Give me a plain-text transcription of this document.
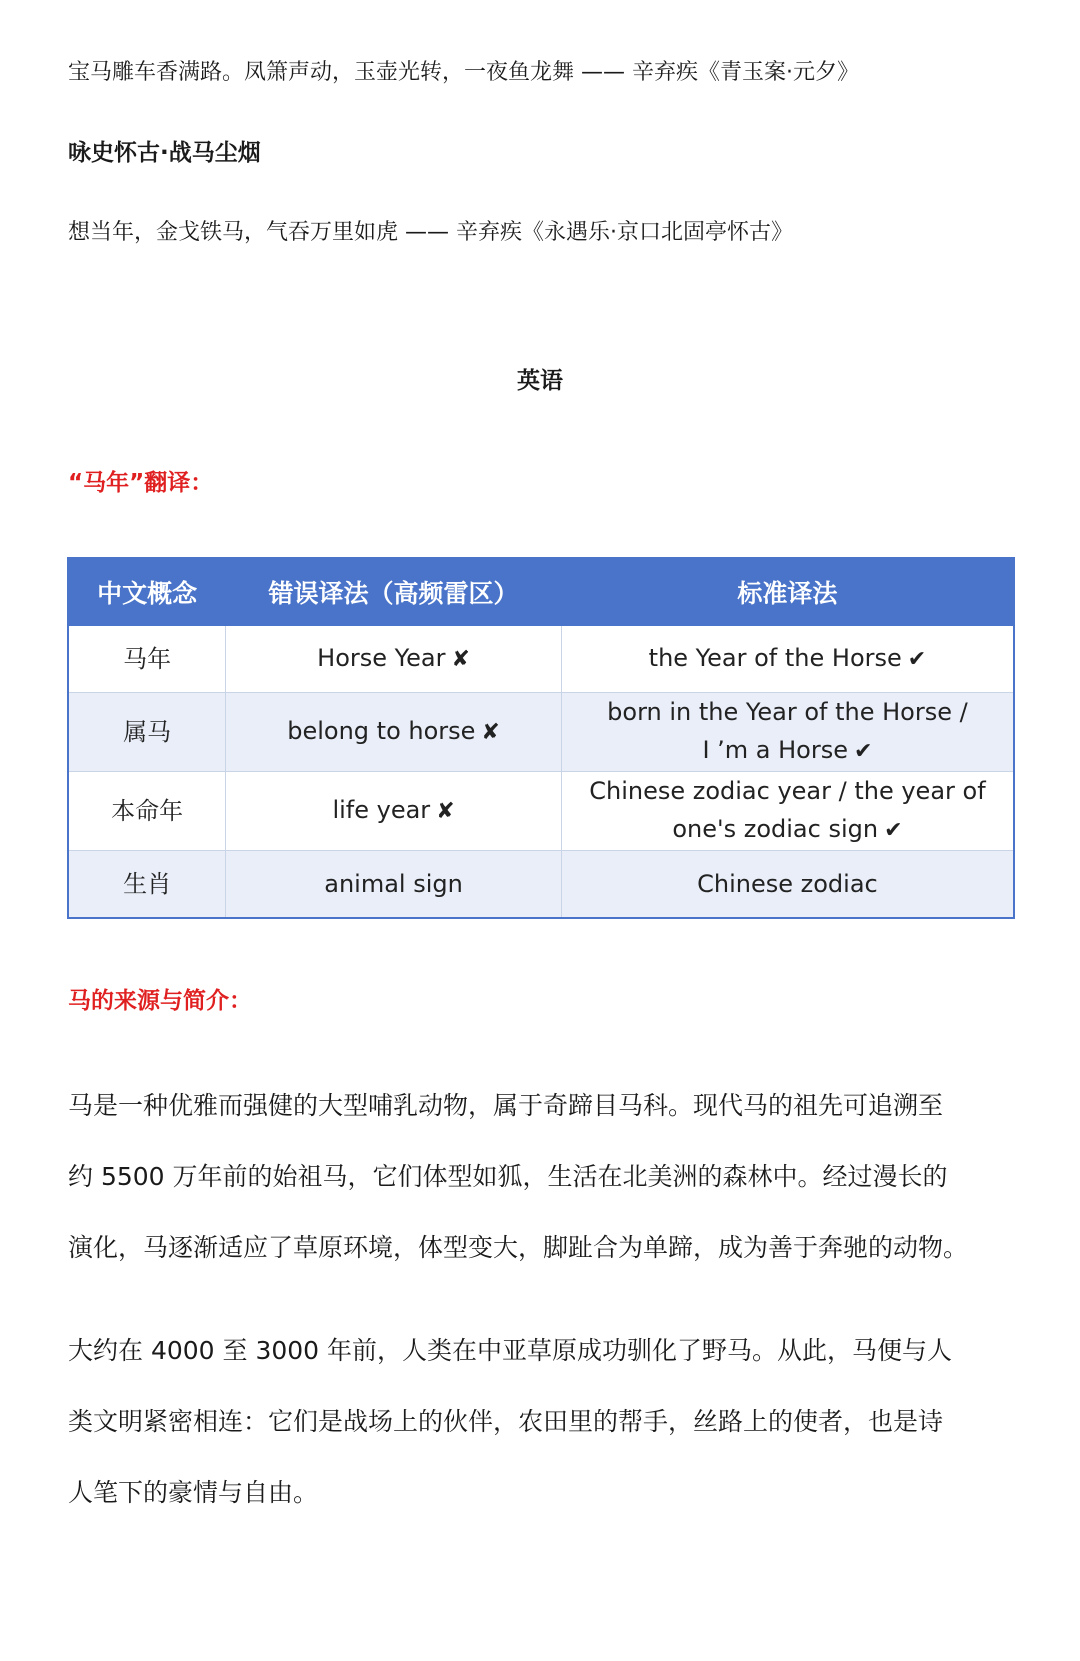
宝马雕车香满路。凤箫声动，玉壶光转，一夜鱼龙舞 —— 辛弃疾《青玉案·元夕》
咏史怀古·战马尘烟
想当年，金戈铁马，气吞万里如虎 —— 辛弃疾《永遇乐·京口北固亭怀古》
英语
“马年”翻译：
中文概念	错误译法（高频雷区）	标准译法
马年	Horse Year ✘	the Year of the Horse ✔
属马	belong to horse ✘	born in the Year of the Horse /
I ’m a Horse ✔

本命年	life year ✘	Chinese zodiac year / the year of
one's zodiac sign ✔

生肖	animal sign	Chinese zodiac
马的来源与简介：
马是一种优雅而强健的大型哺乳动物，属于奇蹄目马科。现代马的祖先可追溯至
约 5500 万年前的始祖马，它们体型如狐，生活在北美洲的森林中。经过漫长的
演化，马逐渐适应了草原环境，体型变大，脚趾合为单蹄，成为善于奔驰的动物。
大约在 4000 至 3000 年前，人类在中亚草原成功驯化了野马。从此，马便与人
类文明紧密相连：它们是战场上的伙伴，农田里的帮手，丝路上的使者，也是诗
人笔下的豪情与自由。
